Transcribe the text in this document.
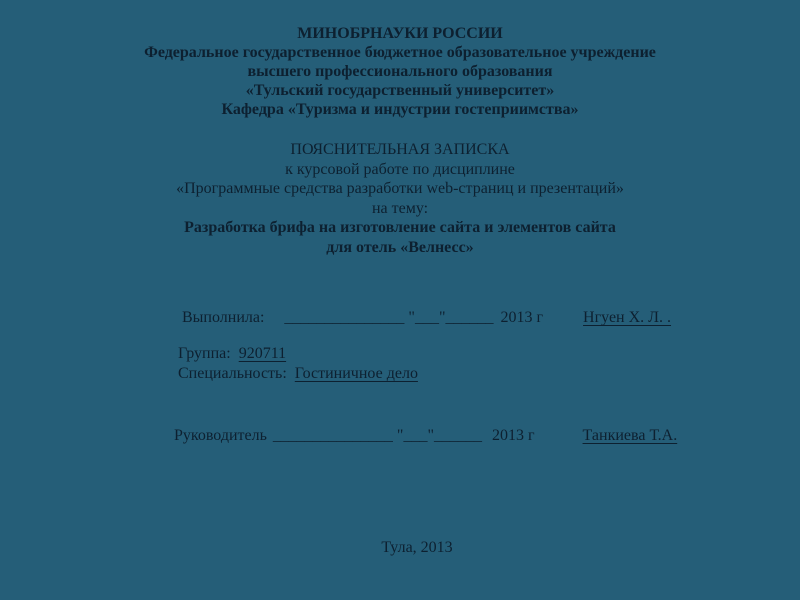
МИНОБРНАУКИ РОССИИ
Федеральное государственное бюджетное образовательное учреждение
высшего профессионального образования
«Тульский государственный университет»
Кафедра «Туризма и индустрии гостеприимства»
ПОЯСНИТЕЛЬНАЯ ЗАПИСКА
к курсовой работе по дисциплине
«Программные средства разработки web-страниц и презентаций»
на тему:
Разработка брифа на изготовление сайта и элементов сайта
для отель «Велнесс»

Выполнила: _______________ "___"______ 2013 г	Нгуен Х. Л. .

Группа: 920711

Специальность: Гостиничное дело

Руководитель _______________ "___"______ 2013 г	Танкиева Т.А.

Тула, 2013
